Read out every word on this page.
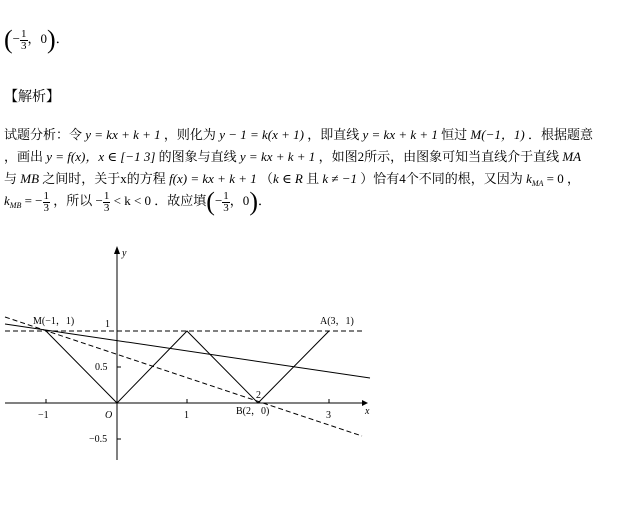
(− $\frac{1}{3}$ ，0)．
【解析】
试题分析：令 y = kx + k + 1 ，则化为 y − 1 = k(x + 1) ，即直线 y = kx + k + 1 恒过 M(−1，1) ．根据题意
，画出 y = f(x)，x ∈ [−1 3] 的图象与直线 y = kx + k + 1 ，如图2所示，由图象可知当直线介于直线 MA
与 MB 之间时，关于x的方程 f(x) = kx + k + 1 （k ∈ R 且 k ≠ −1 ）恰有4个不同的根，又因为 $k_{MA} = 0$ ，
$k_{MB}$ = − $\frac{1}{3}$ ，所以 − $\frac{1}{3} < k < 0$ ．故应填(− $\frac{1}{3}$ ，0)．
x
y
−1	1	3
1
0.5
−0.5
O
M(−1，1)	A(3，1)
B(2，0)
2
